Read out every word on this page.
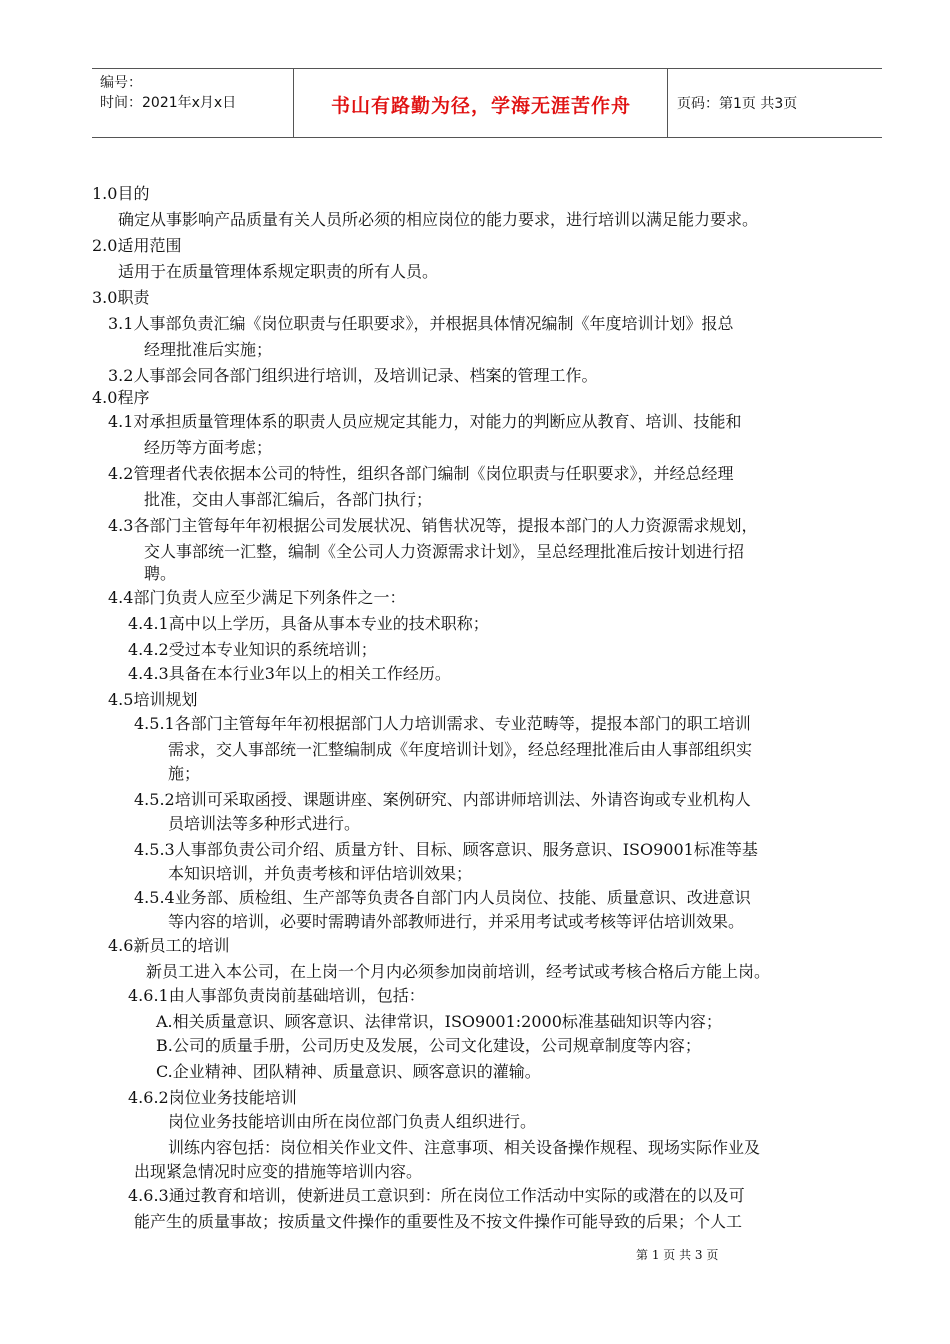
编号：
时间：2021年x月x日	书山有路勤为径，学海无涯苦作舟	页码：第1页 共3页
1.0目的
确定从事影响产品质量有关人员所必须的相应岗位的能力要求，进行培训以满足能力要求。
2.0适用范围
适用于在质量管理体系规定职责的所有人员。
3.0职责
3.1人事部负责汇编《岗位职责与任职要求》，并根据具体情况编制《年度培训计划》报总
经理批准后实施；
3.2人事部会同各部门组织进行培训，及培训记录、档案的管理工作。
4.0程序
4.1对承担质量管理体系的职责人员应规定其能力，对能力的判断应从教育、培训、技能和
经历等方面考虑；
4.2管理者代表依据本公司的特性，组织各部门编制《岗位职责与任职要求》，并经总经理
批准，交由人事部汇编后，各部门执行；
4.3各部门主管每年年初根据公司发展状况、销售状况等，提报本部门的人力资源需求规划，
交人事部统一汇整，编制《全公司人力资源需求计划》，呈总经理批准后按计划进行招
聘。
4.4部门负责人应至少满足下列条件之一：
4.4.1高中以上学历，具备从事本专业的技术职称；
4.4.2受过本专业知识的系统培训；
4.4.3具备在本行业3年以上的相关工作经历。
4.5培训规划
4.5.1各部门主管每年年初根据部门人力培训需求、专业范畴等，提报本部门的职工培训
需求，交人事部统一汇整编制成《年度培训计划》，经总经理批准后由人事部组织实
施；
4.5.2培训可采取函授、课题讲座、案例研究、内部讲师培训法、外请咨询或专业机构人
员培训法等多种形式进行。
4.5.3人事部负责公司介绍、质量方针、目标、顾客意识、服务意识、ISO9001标准等基
本知识培训，并负责考核和评估培训效果；
4.5.4业务部、质检组、生产部等负责各自部门内人员岗位、技能、质量意识、改进意识
等内容的培训，必要时需聘请外部教师进行，并采用考试或考核等评估培训效果。
4.6新员工的培训
新员工进入本公司，在上岗一个月内必须参加岗前培训，经考试或考核合格后方能上岗。
4.6.1由人事部负责岗前基础培训，包括：
A.相关质量意识、顾客意识、法律常识，ISO9001:2000标准基础知识等内容；
B.公司的质量手册，公司历史及发展，公司文化建设，公司规章制度等内容；
C.企业精神、团队精神、质量意识、顾客意识的灌输。
4.6.2岗位业务技能培训
岗位业务技能培训由所在岗位部门负责人组织进行。
训练内容包括：岗位相关作业文件、注意事项、相关设备操作规程、现场实际作业及
出现紧急情况时应变的措施等培训内容。
4.6.3通过教育和培训，使新进员工意识到：所在岗位工作活动中实际的或潜在的以及可
能产生的质量事故；按质量文件操作的重要性及不按文件操作可能导致的后果；个人工
第 1 页 共 3 页
